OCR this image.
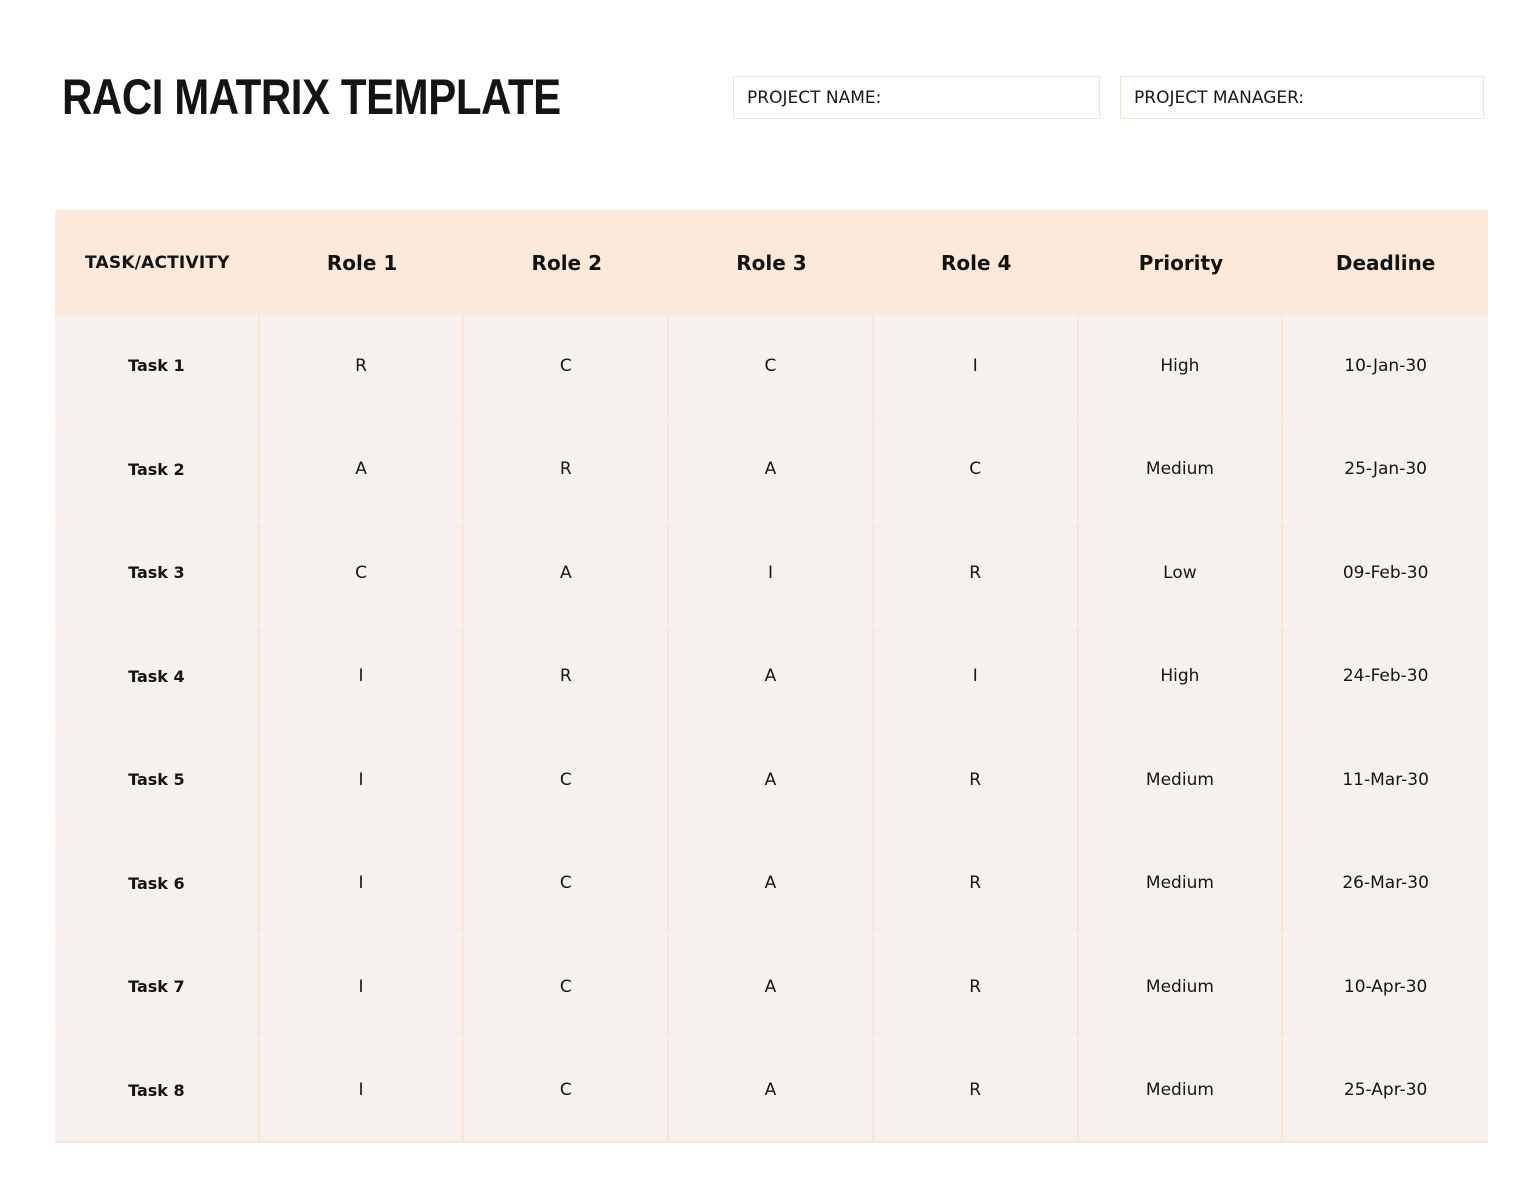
RACI MATRIX TEMPLATE	PROJECT NAME:	PROJECT MANAGER:
TASK/ACTIVITY	Role 1	Role 2	Role 3	Role 4	Priority	Deadline
Task 1	R	C	C	I	High	10-Jan-30
Task 2	A	R	A	C	Medium	25-Jan-30
Task 3	C	A	I	R	Low	09-Feb-30
Task 4	I	R	A	I	High	24-Feb-30
Task 5	I	C	A	R	Medium	11-Mar-30
Task 6	I	C	A	R	Medium	26-Mar-30
Task 7	I	C	A	R	Medium	10-Apr-30
Task 8	I	C	A	R	Medium	25-Apr-30
